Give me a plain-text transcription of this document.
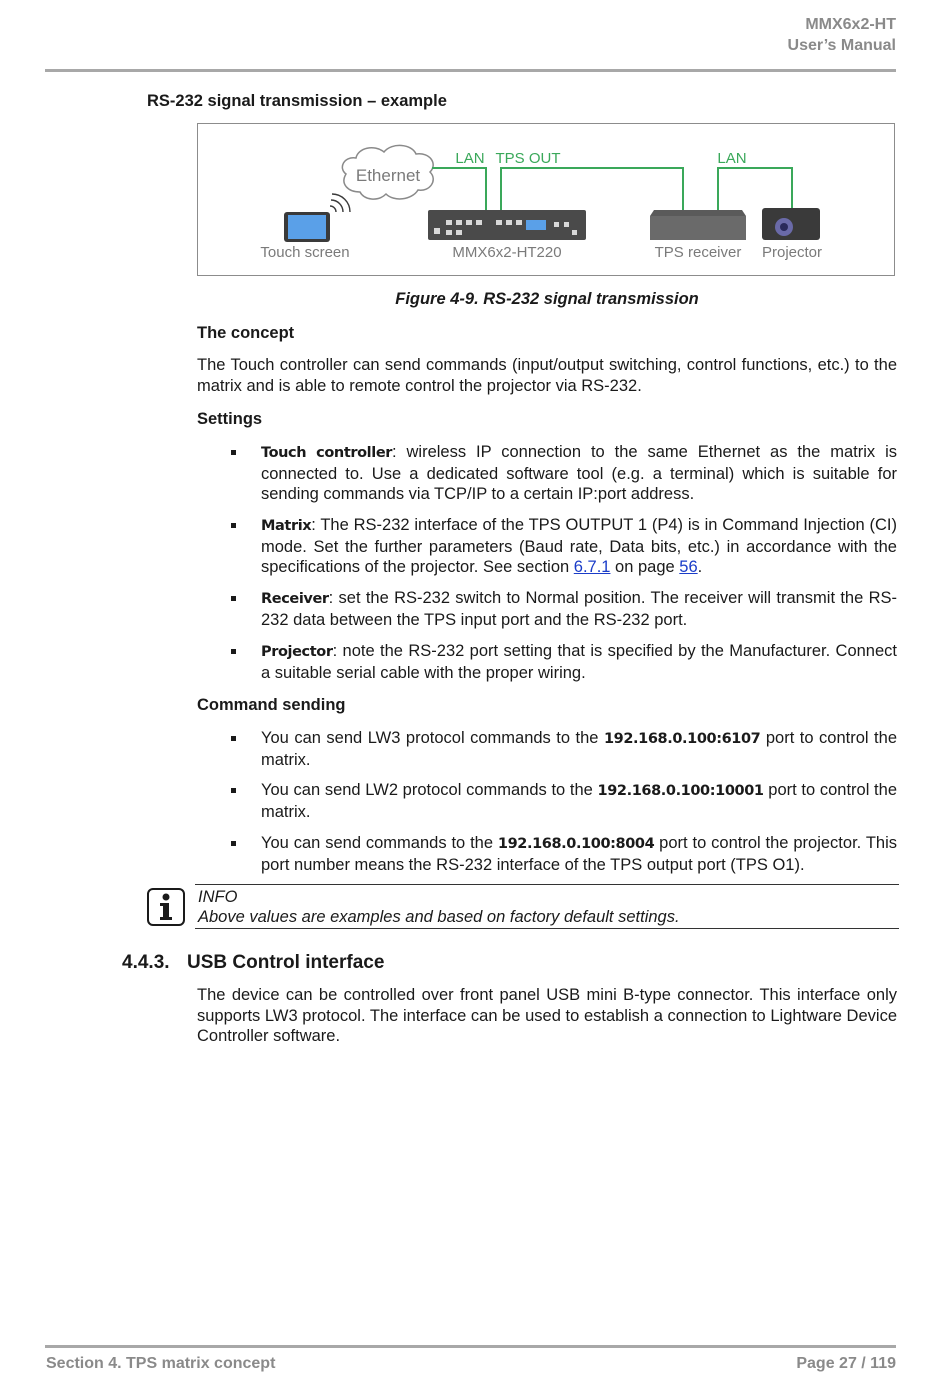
MMX6x2-HT
User’s Manual
RS-232 signal transmission – example
Ethernet
LAN TPS OUT	LAN
Touch screen	MMX6x2-HT220	TPS receiver Projector
Figure 4-9. RS-232 signal transmission
The concept
The Touch controller can send commands (input/output switching, control functions, etc.) to the matrix and is able to remote control the projector via RS-232.
Settings
Touch controller: wireless IP connection to the same Ethernet as the matrix is connected to. Use a dedicated software tool (e.g. a terminal) which is suitable for sending commands via TCP/IP to a certain IP:port address.
Matrix: The RS-232 interface of the TPS OUTPUT 1 (P4) is in Command Injection (CI) mode. Set the further parameters (Baud rate, Data bits, etc.) in accordance with the specifications of the projector. See section 6.7.1 on page 56.
Receiver: set the RS-232 switch to Normal position. The receiver will transmit the RS-232 data between the TPS input port and the RS-232 port.
Projector: note the RS-232 port setting that is specified by the Manufacturer. Connect a suitable serial cable with the proper wiring.
Command sending
You can send LW3 protocol commands to the 192.168.0.100:6107 port to control the matrix.
You can send LW2 protocol commands to the 192.168.0.100:10001 port to control the matrix.
You can send commands to the 192.168.0.100:8004 port to control the projector. This port number means the RS-232 interface of the TPS output port (TPS O1).
INFO
Above values are examples and based on factory default settings.
4.4.3. USB Control interface
The device can be controlled over front panel USB mini B-type connector. This interface only supports LW3 protocol. The interface can be used to establish a connection to Lightware Device Controller software.
Section 4. TPS matrix concept	Page 27 / 119
